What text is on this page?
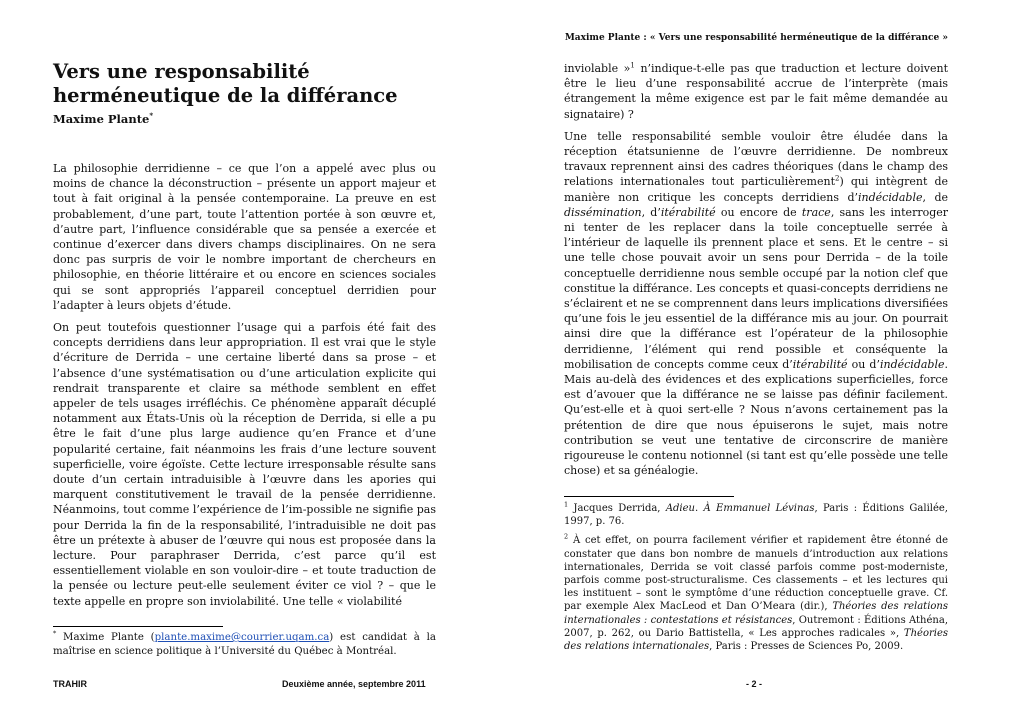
Vers une responsabilité herméneutique de la différance
Maxime Plante*

La philosophie derridienne – ce que l’on a appelé avec plus ou moins de chance la déconstruction – présente un apport majeur et tout à fait original à la pensée contemporaine. La preuve en est probablement, d’une part, toute l’attention portée à son œuvre et, d’autre part, l’influence considérable que sa pensée a exercée et continue d’exercer dans divers champs disciplinaires. On ne sera donc pas surpris de voir le nombre important de chercheurs en philosophie, en théorie littéraire et ou encore en sciences sociales qui se sont appropriés l’appareil conceptuel derridien pour l’adapter à leurs objets d’étude.

On peut toutefois questionner l’usage qui a parfois été fait des concepts derridiens dans leur appropriation. Il est vrai que le style d’écriture de Derrida – une certaine liberté dans sa prose – et l’absence d’une systématisation ou d’une articulation explicite qui rendrait transparente et claire sa méthode semblent en effet appeler de tels usages irréfléchis. Ce phénomène apparaît décuplé notamment aux États-Unis où la réception de Derrida, si elle a pu être le fait d’une plus large audience qu’en France et d’une popularité certaine, fait néanmoins les frais d’une lecture souvent superficielle, voire égoïste. Cette lecture irresponsable résulte sans doute d’un certain intraduisible à l’œuvre dans les apories qui marquent constitutivement le travail de la pensée derridienne. Néanmoins, tout comme l’expérience de l’im-possible ne signifie pas pour Derrida la fin de la responsabilité, l’intraduisible ne doit pas être un prétexte à abuser de l’œuvre qui nous est proposée dans la lecture. Pour paraphraser Derrida, c’est parce qu’il est essentiellement violable en son vouloir-dire – et toute traduction de la pensée ou lecture peut-elle seulement éviter ce viol ? – que le texte appelle en propre son inviolabilité. Une telle « violabilité

* Maxime Plante (plante.maxime@courrier.uqam.ca) est candidat à la maîtrise en science politique à l’Université du Québec à Montréal.

TRAHIR	Deuxième année, septembre 2011
Maxime Plante : « Vers une responsabilité herméneutique de la différance »

inviolable »$^1$ n’indique-t-elle pas que traduction et lecture doivent être le lieu d’une responsabilité accrue de l’interprète (mais étrangement la même exigence est par le fait même demandée au signataire) ?

Une telle responsabilité semble vouloir être éludée dans la réception étatsunienne de l’œuvre derridienne. De nombreux travaux reprennent ainsi des cadres théoriques (dans le champ des relations internationales tout particulièrement$^2$) qui intègrent de manière non critique les concepts derridiens d’indécidable, de dissémination, d’itérabilité ou encore de trace, sans les interroger ni tenter de les replacer dans la toile conceptuelle serrée à l’intérieur de laquelle ils prennent place et sens. Et le centre – si une telle chose pouvait avoir un sens pour Derrida – de la toile conceptuelle derridienne nous semble occupé par la notion clef que constitue la différance. Les concepts et quasi-concepts derridiens ne s’éclairent et ne se comprennent dans leurs implications diversifiées qu’une fois le jeu essentiel de la différance mis au jour. On pourrait ainsi dire que la différance est l’opérateur de la philosophie derridienne, l’élément qui rend possible et conséquente la mobilisation de concepts comme ceux d’itérabilité ou d’indécidable. Mais au-delà des évidences et des explications superficielles, force est d’avouer que la différance ne se laisse pas définir facilement. Qu’est-elle et à quoi sert-elle ? Nous n’avons certainement pas la prétention de dire que nous épuiserons le sujet, mais notre contribution se veut une tentative de circonscrire de manière rigoureuse le contenu notionnel (si tant est qu’elle possède une telle chose) et sa généalogie.

$^1$ Jacques Derrida, Adieu. À Emmanuel Lévinas, Paris : Éditions Galilée, 1997, p. 76.

$^2$ À cet effet, on pourra facilement vérifier et rapidement être étonné de constater que dans bon nombre de manuels d’introduction aux relations internationales, Derrida se voit classé parfois comme post-moderniste, parfois comme post-structuralisme. Ces classements – et les lectures qui les instituent – sont le symptôme d’une réduction conceptuelle grave. Cf. par exemple Alex MacLeod et Dan O’Meara (dir.), Théories des relations internationales : contestations et résistances, Outremont : Éditions Athéna, 2007, p. 262, ou Dario Battistella, « Les approches radicales », Théories des relations internationales, Paris : Presses de Sciences Po, 2009.

- 2 -
